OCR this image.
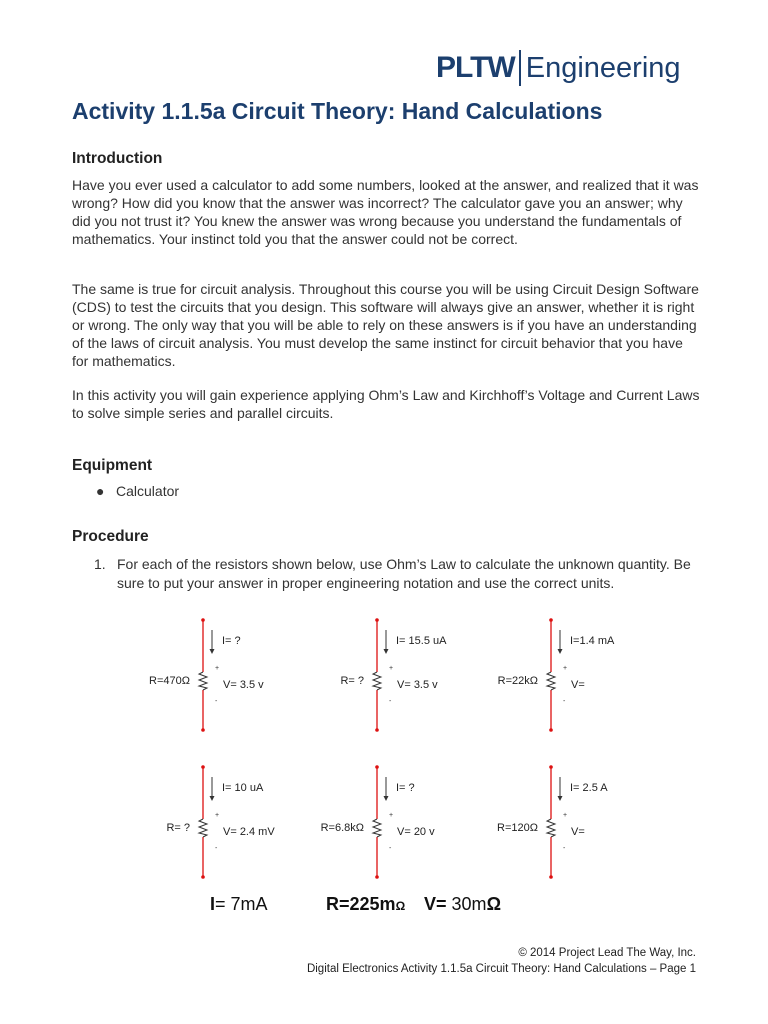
PLTW Engineering
Activity 1.1.5a Circuit Theory: Hand Calculations
Introduction

Have you ever used a calculator to add some numbers, looked at the answer, and realized that it was wrong? How did you know that the answer was incorrect? The calculator gave you an answer; why did you not trust it? You knew the answer was wrong because you understand the fundamentals of mathematics. Your instinct told you that the answer could not be correct.

The same is true for circuit analysis. Throughout this course you will be using Circuit Design Software (CDS) to test the circuits that you design. This software will always give an answer, whether it is right or wrong. The only way that you will be able to rely on these answers is if you have an understanding of the laws of circuit analysis. You must develop the same instinct for circuit behavior that you have for mathematics.

In this activity you will gain experience applying Ohm’s Law and Kirchhoff’s Voltage and Current Laws to solve simple series and parallel circuits.

Equipment
● Calculator
Procedure
1. For each of the resistors shown below, use Ohm’s Law to calculate the unknown quantity. Be sure to put your answer in proper engineering notation and use the correct units.
I= ?
+
V= 3.5 v
-
R=470Ω
I= 15.5 uA
+
V= 3.5 v
-
R= ?
I=1.4 mA
+
V=
-
R=22kΩ
I= 10 uA
+
V= 2.4 mV
-
R= ?
I= ?
+
V= 20 v
-
R=6.8kΩ
I= 2.5 A
+
V=
-
R=120Ω
I= 7mA	R=225mΩ V= 30mΩ
© 2014 Project Lead The Way, Inc.
Digital Electronics Activity 1.1.5a Circuit Theory: Hand Calculations – Page 1
